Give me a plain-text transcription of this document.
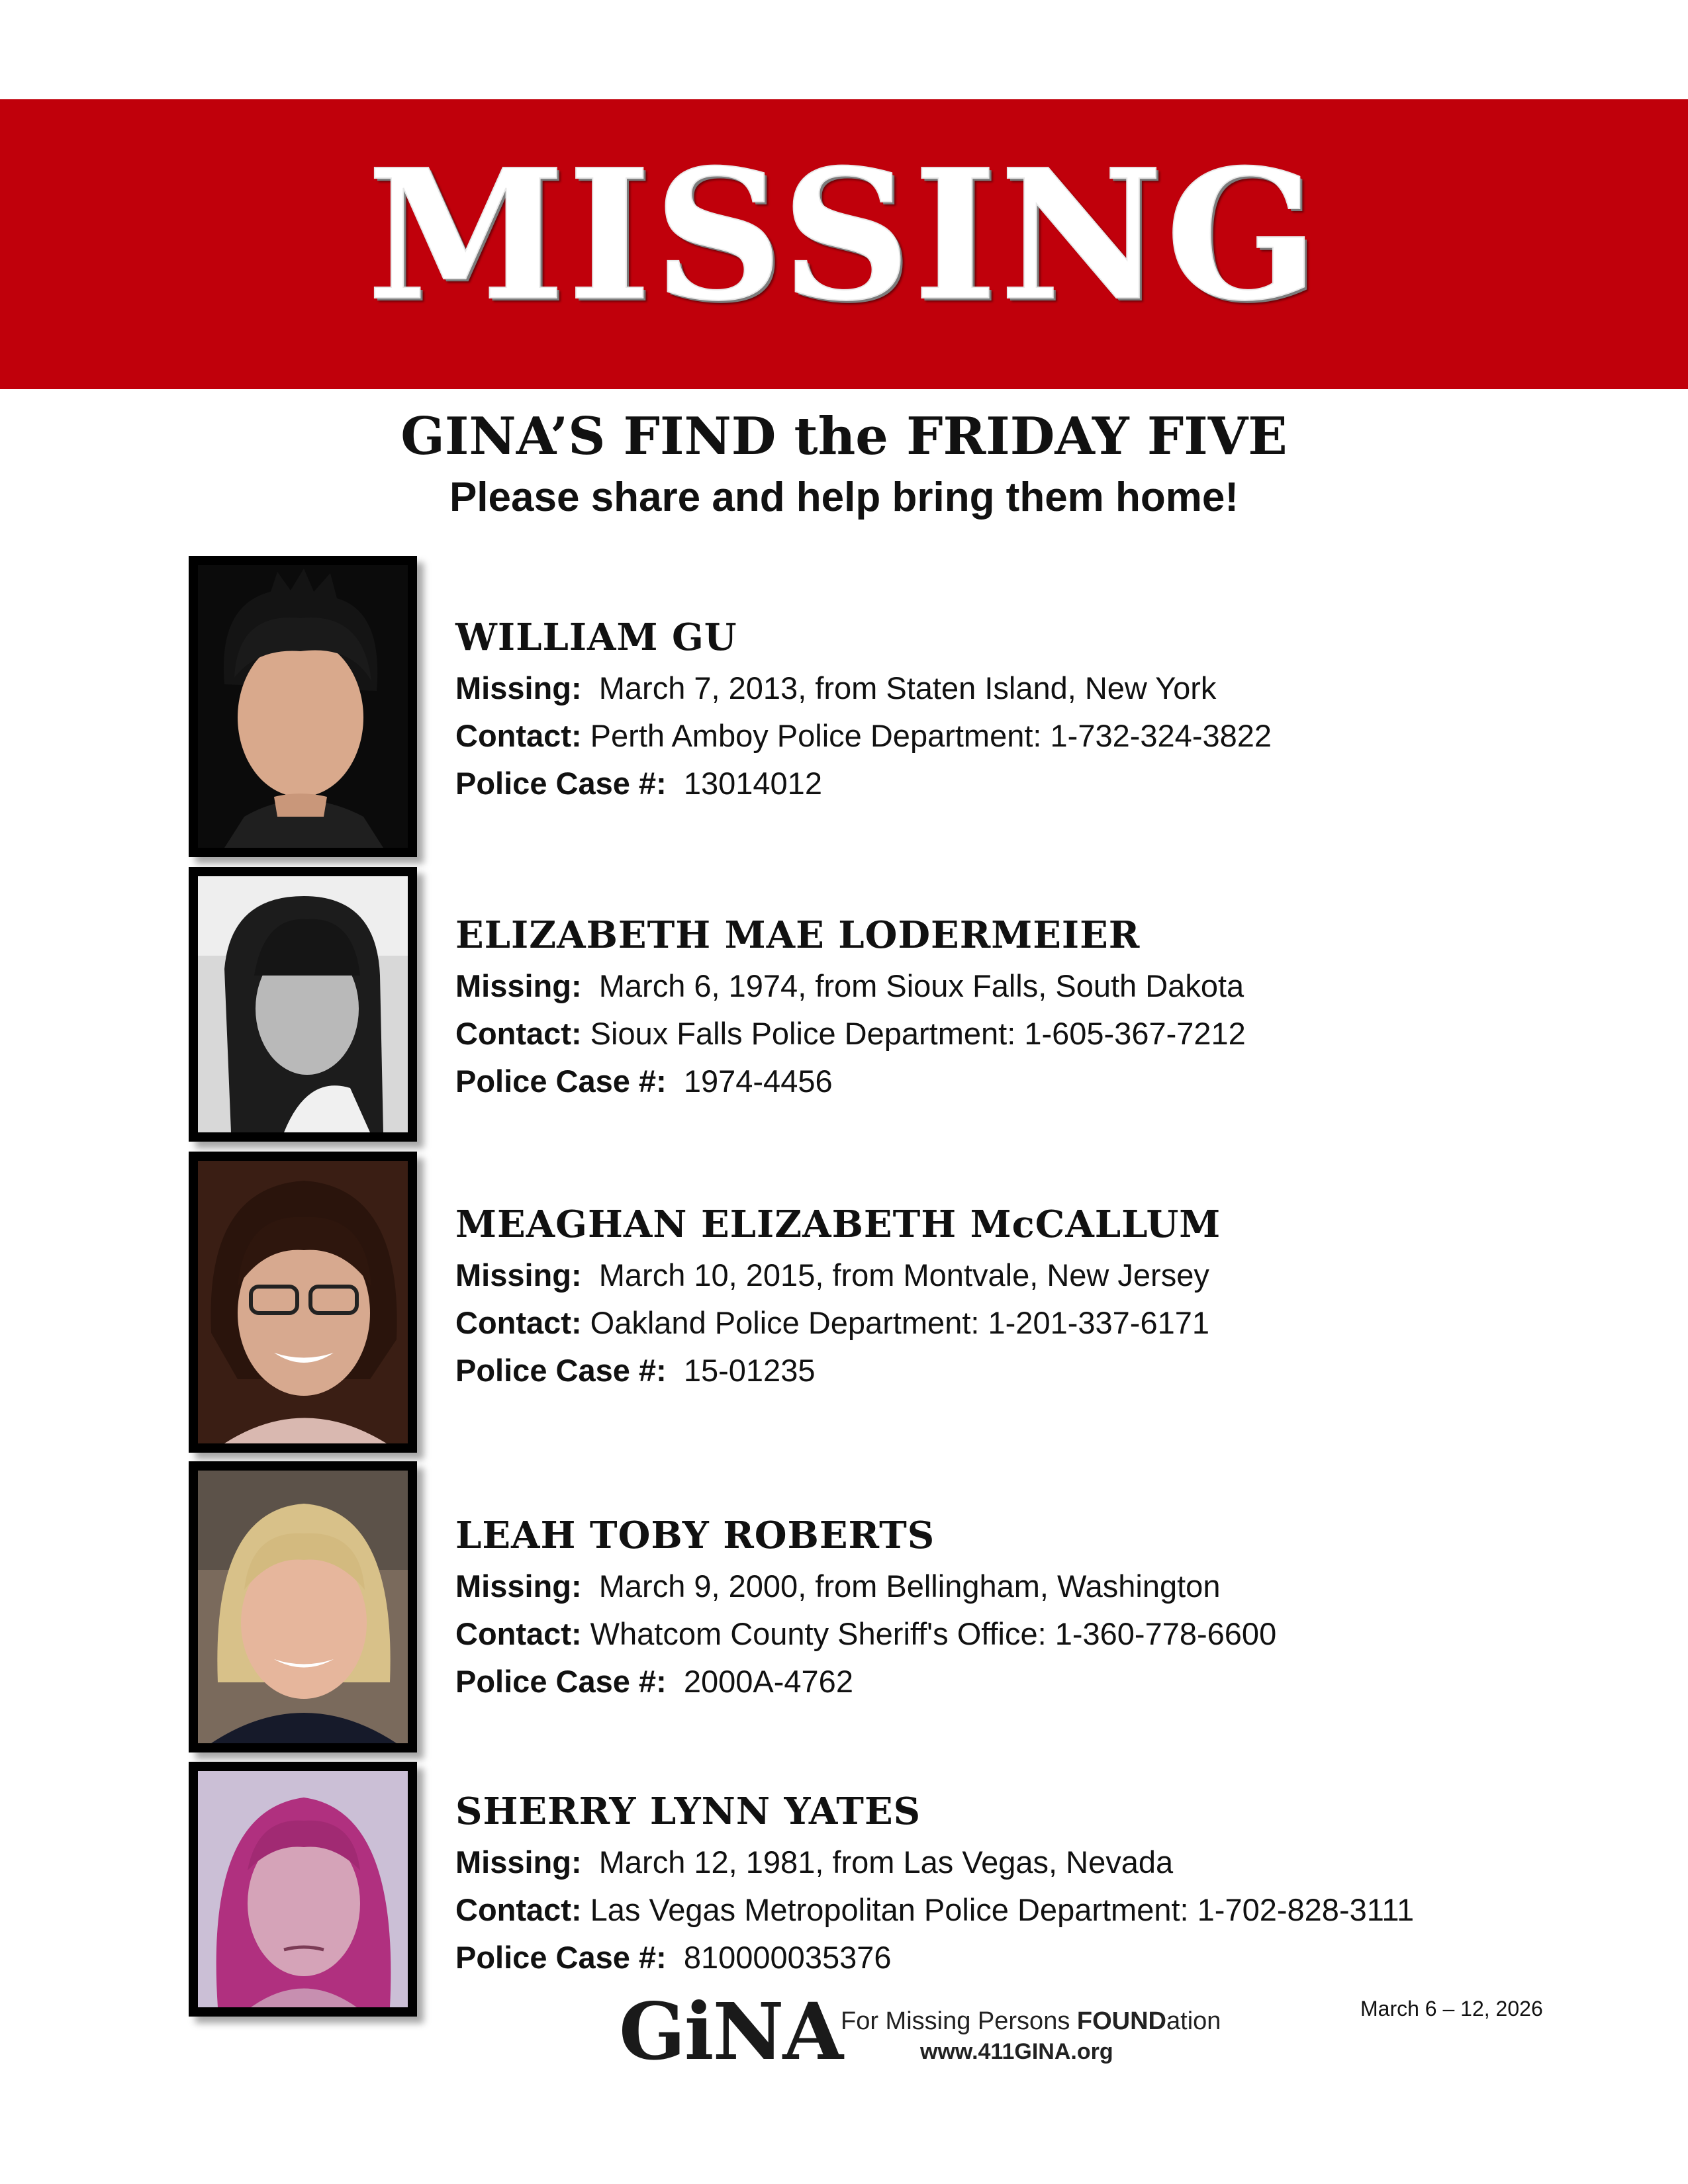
MISSING
GINA’S FIND the FRIDAY FIVE
Please share and help bring them home!
WILLIAM GU
Missing: March 7, 2013, from Staten Island, New York
Contact: Perth Amboy Police Department: 1-732-324-3822
Police Case #: 13014012
ELIZABETH MAE LODERMEIER
Missing: March 6, 1974, from Sioux Falls, South Dakota
Contact: Sioux Falls Police Department: 1-605-367-7212
Police Case #: 1974-4456
MEAGHAN ELIZABETH McCALLUM
Missing: March 10, 2015, from Montvale, New Jersey
Contact: Oakland Police Department: 1-201-337-6171
Police Case #: 15-01235
LEAH TOBY ROBERTS
Missing: March 9, 2000, from Bellingham, Washington
Contact: Whatcom County Sheriff's Office: 1-360-778-6600
Police Case #: 2000A-4762
SHERRY LYNN YATES
Missing: March 12, 1981, from Las Vegas, Nevada
Contact: Las Vegas Metropolitan Police Department: 1-702-828-3111
Police Case #: 810000035376
GiNA
For Missing Persons FOUNDation
www.411GINA.org
March 6 – 12, 2026
